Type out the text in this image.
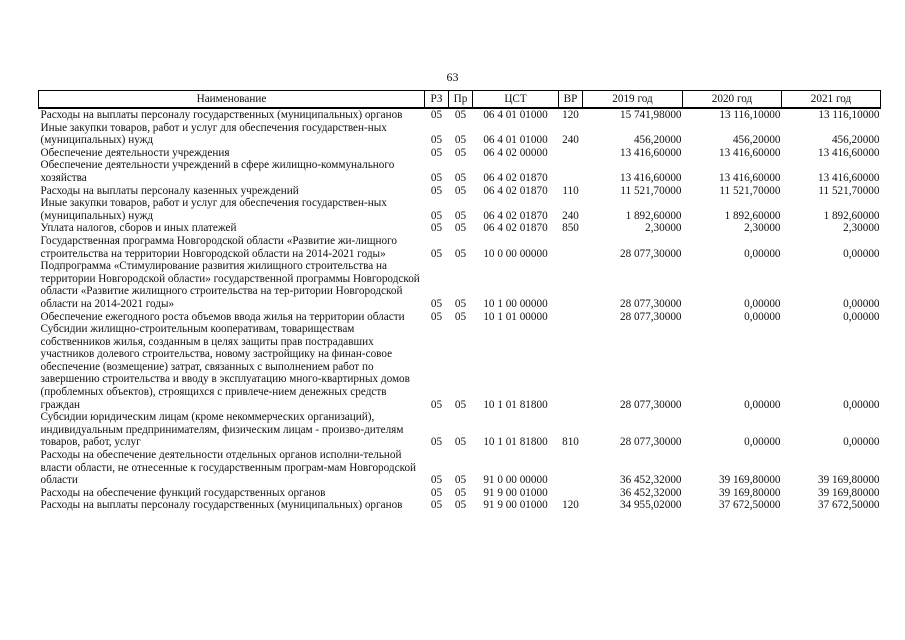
63
Наименование	РЗ	Пр	ЦСТ	ВР	2019 год	2020 год	2021 год
Расходы на выплаты персоналу государственных (муниципальных) органов	05	05	06 4 01 01000	120	15 741,98000	13 116,10000	13 116,10000
Иные закупки товаров, работ и услуг для обеспечения государствен-ных (муниципальных) нужд	05	05	06 4 01 01000	240	456,20000	456,20000	456,20000
Обеспечение деятельности учреждения	05	05	06 4 02 00000		13 416,60000	13 416,60000	13 416,60000
Обеспечение деятельности учреждений в сфере жилищно-коммунального хозяйства	05	05	06 4 02 01870		13 416,60000	13 416,60000	13 416,60000
Расходы на выплаты персоналу казенных учреждений	05	05	06 4 02 01870	110	11 521,70000	11 521,70000	11 521,70000
Иные закупки товаров, работ и услуг для обеспечения государствен-ных (муниципальных) нужд	05	05	06 4 02 01870	240	1 892,60000	1 892,60000	1 892,60000
Уплата налогов, сборов и иных платежей	05	05	06 4 02 01870	850	2,30000	2,30000	2,30000
Государственная программа Новгородской области «Развитие жи-лищного строительства на территории Новгородской области на 2014-2021 годы»	05	05	10 0 00 00000		28 077,30000	0,00000	0,00000
Подпрограмма «Стимулирование развития жилищного строительства на территории Новгородской области» государственной программы Новгородской области «Развитие жилищного строительства на тер-ритории Новгородской области на 2014-2021 годы»	05	05	10 1 00 00000		28 077,30000	0,00000	0,00000
Обеспечение ежегодного роста объемов ввода жилья на территории области	05	05	10 1 01 00000		28 077,30000	0,00000	0,00000
Субсидии жилищно-строительным кооперативам, товариществам собственников жилья, созданным в целях защиты прав пострадавших участников долевого строительства, новому застройщику на финан-совое обеспечение (возмещение) затрат, связанных с выполнением работ по завершению строительства и вводу в эксплуатацию много-квартирных домов (проблемных объектов), строящихся с привлече-нием денежных средств граждан	05	05	10 1 01 81800		28 077,30000	0,00000	0,00000
Субсидии юридическим лицам (кроме некоммерческих организаций), индивидуальным предпринимателям, физическим лицам - произво-дителям товаров, работ, услуг	05	05	10 1 01 81800	810	28 077,30000	0,00000	0,00000
Расходы на обеспечение деятельности отдельных органов исполни-тельной власти области, не отнесенные к государственным програм-мам Новгородской области	05	05	91 0 00 00000		36 452,32000	39 169,80000	39 169,80000
Расходы на обеспечение функций государственных органов	05	05	91 9 00 01000		36 452,32000	39 169,80000	39 169,80000
Расходы на выплаты персоналу государственных (муниципальных) органов	05	05	91 9 00 01000	120	34 955,02000	37 672,50000	37 672,50000
